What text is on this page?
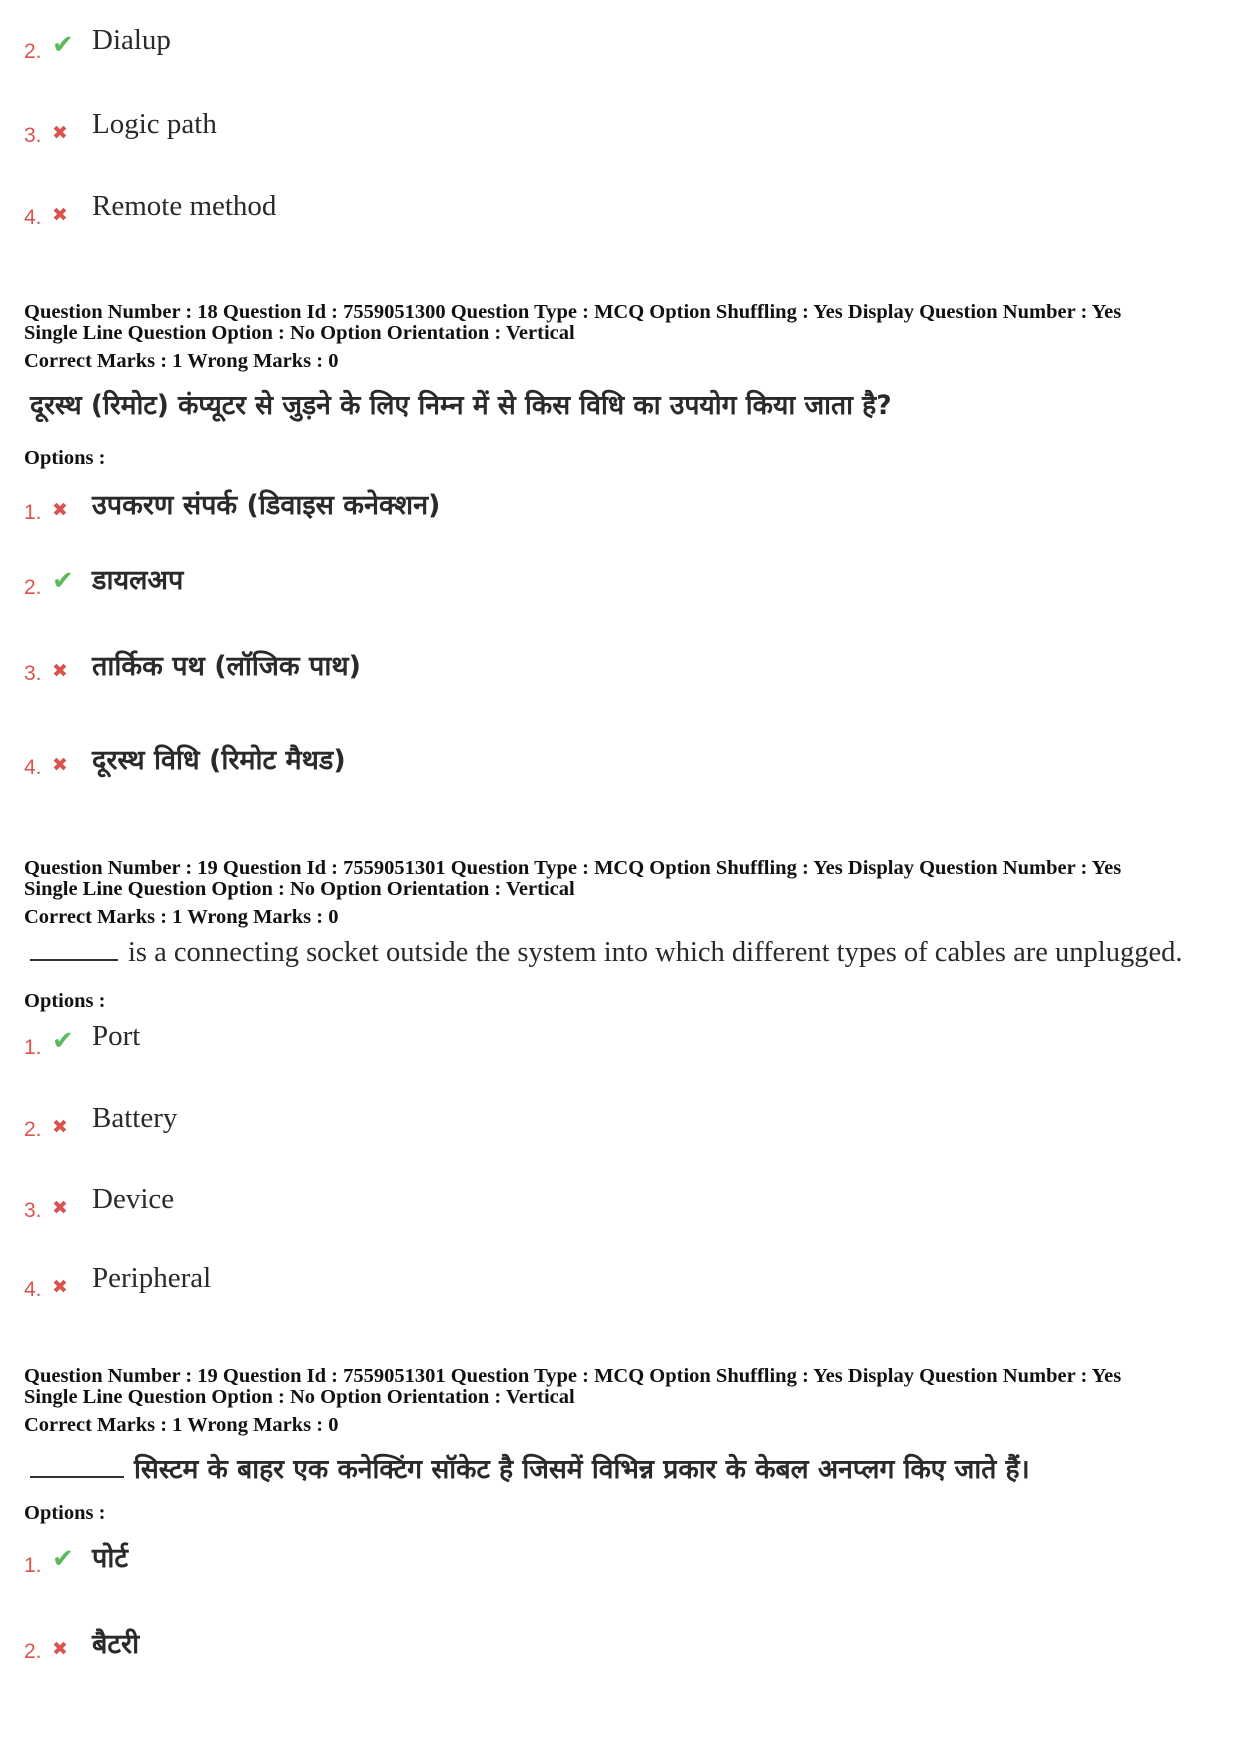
2. ✔ Dialup
3. ✖ Logic path
4. ✖ Remote method
Question Number : 18 Question Id : 7559051300 Question Type : MCQ Option Shuffling : Yes Display Question Number : Yes
Single Line Question Option : No Option Orientation : Vertical
Correct Marks : 1 Wrong Marks : 0
दूरस्थ (रिमोट) कंप्यूटर से जुड़ने के लिए निम्न में से किस विधि का उपयोग किया जाता है?
Options :
1. ✖ उपकरण संपर्क (डिवाइस कनेक्शन)
2. ✔ डायलअप
3. ✖ तार्किक पथ (लॉजिक पाथ)
4. ✖ दूरस्थ विधि (रिमोट मैथड)
Question Number : 19 Question Id : 7559051301 Question Type : MCQ Option Shuffling : Yes Display Question Number : Yes
Single Line Question Option : No Option Orientation : Vertical
Correct Marks : 1 Wrong Marks : 0
is a connecting socket outside the system into which different types of cables are unplugged.
Options :
1. ✔ Port
2. ✖ Battery
3. ✖ Device
4. ✖ Peripheral
Question Number : 19 Question Id : 7559051301 Question Type : MCQ Option Shuffling : Yes Display Question Number : Yes
Single Line Question Option : No Option Orientation : Vertical
Correct Marks : 1 Wrong Marks : 0
सिस्टम के बाहर एक कनेक्टिंग सॉकेट है जिसमें विभिन्न प्रकार के केबल अनप्लग किए जाते हैं।
Options :
1. ✔ पोर्ट
2. ✖ बैटरी
